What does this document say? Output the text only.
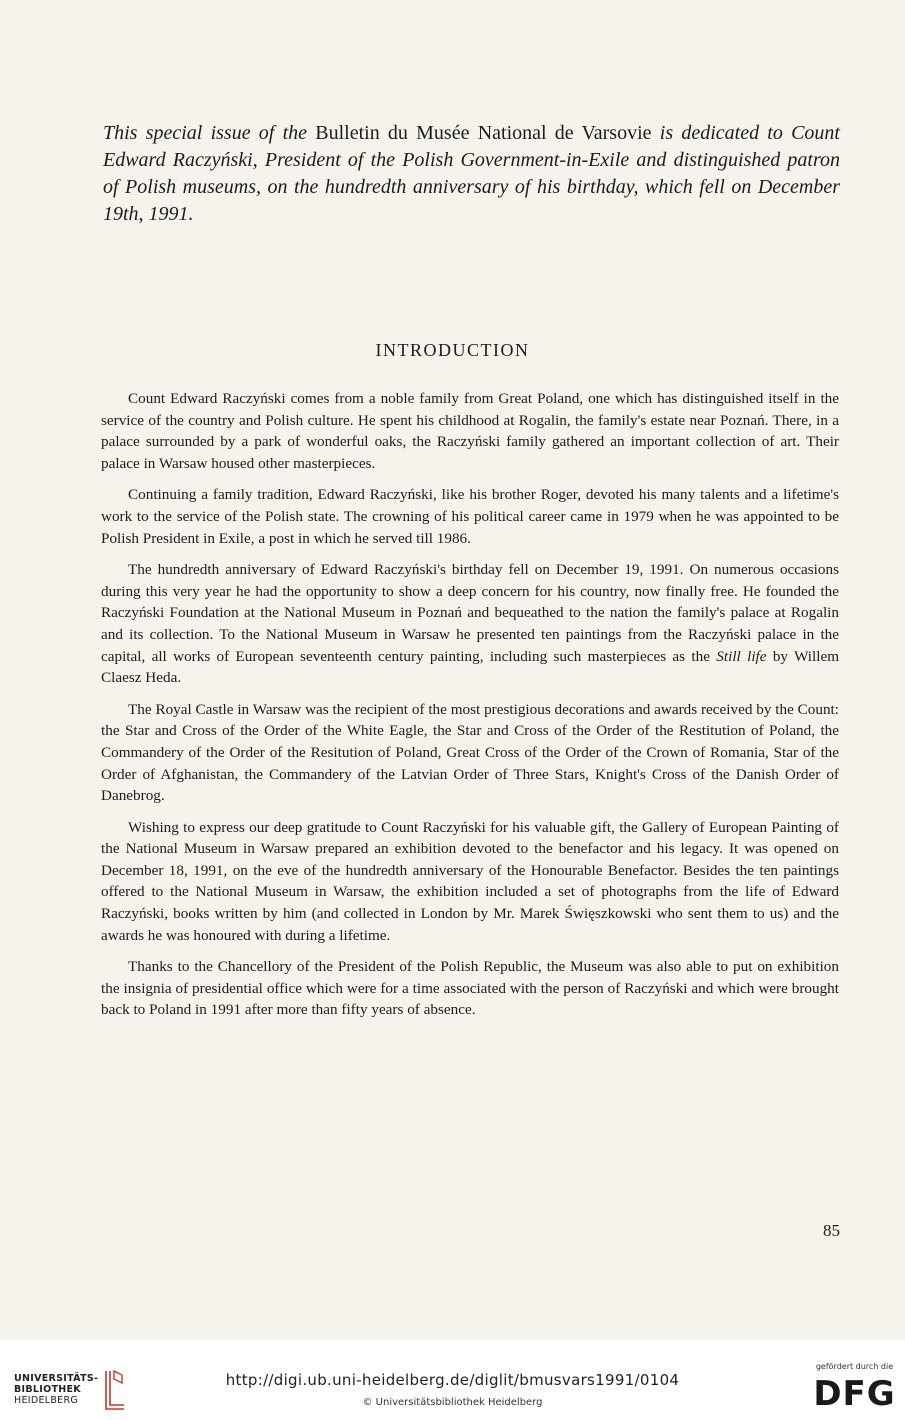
This special issue of the Bulletin du Musée National de Varsovie is dedicated to Count Edward Raczyński, President of the Polish Government-in-Exile and distinguished patron of Polish museums, on the hundredth anniversary of his birthday, which fell on December 19th, 1991.

INTRODUCTION

Count Edward Raczyński comes from a noble family from Great Poland, one which has distinguished itself in the service of the country and Polish culture. He spent his childhood at Rogalin, the family's estate near Poznań. There, in a palace surrounded by a park of wonderful oaks, the Raczyński family gathered an important collection of art. Their palace in Warsaw housed other masterpieces.

Continuing a family tradition, Edward Raczyński, like his brother Roger, devoted his many talents and a lifetime's work to the service of the Polish state. The crowning of his political career came in 1979 when he was appointed to be Polish President in Exile, a post in which he served till 1986.

The hundredth anniversary of Edward Raczyński's birthday fell on December 19, 1991. On numerous occasions during this very year he had the opportunity to show a deep concern for his country, now finally free. He founded the Raczyński Foundation at the National Museum in Poznań and bequeathed to the nation the family's palace at Rogalin and its collection. To the National Museum in Warsaw he presented ten paintings from the Raczyński palace in the capital, all works of European seventeenth century painting, including such masterpieces as the Still life by Willem Claesz Heda.

The Royal Castle in Warsaw was the recipient of the most prestigious decorations and awards received by the Count: the Star and Cross of the Order of the White Eagle, the Star and Cross of the Order of the Restitution of Poland, the Commandery of the Order of the Resitution of Poland, Great Cross of the Order of the Crown of Romania, Star of the Order of Afghanistan, the Commandery of the Latvian Order of Three Stars, Knight's Cross of the Danish Order of Danebrog.

Wishing to express our deep gratitude to Count Raczyński for his valuable gift, the Gallery of European Painting of the National Museum in Warsaw prepared an exhibition devoted to the benefactor and his legacy. It was opened on December 18, 1991, on the eve of the hundredth anniversary of the Honourable Benefactor. Besides the ten paintings offered to the National Museum in Warsaw, the exhibition included a set of photographs from the life of Edward Raczyński, books written by him (and collected in London by Mr. Marek Święszkowski who sent them to us) and the awards he was honoured with during a lifetime.

Thanks to the Chancellory of the President of the Polish Republic, the Museum was also able to put on exhibition the insignia of presidential office which were for a time associated with the person of Raczyński and which were brought back to Poland in 1991 after more than fifty years of absence.

85

UNIVERSITÄTS-
BIBLIOTHEK
HEIDELBERG
http://digi.ub.uni-heidelberg.de/diglit/bmusvars1991/0104
© Universitätsbibliothek Heidelberg
gefördert durch die
DFG
